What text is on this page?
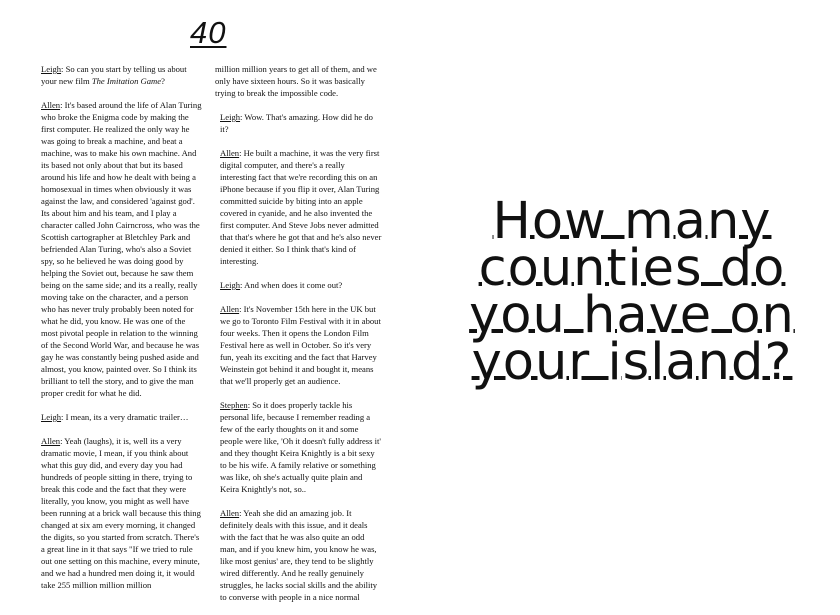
40

Leigh: So can you start by telling us about your new film The Imitation Game?

Allen: It's based around the life of Alan Turing who broke the Enigma code by making the first computer. He realized the only way he was going to break a machine, and beat a machine, was to make his own machine. And its based not only about that but its based around his life and how he dealt with being a homosexual in times when obviously it was against the law, and considered 'against god'. Its about him and his team, and I play a character called John Cairncross, who was the Scottish cartographer at Bletchley Park and befriended Alan Turing, who's also a Soviet spy, so he believed he was doing good by helping the Soviet out, because he saw them being on the same side; and its a really, really moving take on the character, and a person who has never truly probably been noted for what he did, you know. He was one of the most pivotal people in relation to the winning of the Second World War, and because he was gay he was constantly being pushed aside and almost, you know, painted over. So I think its brilliant to tell the story, and to give the man proper credit for what he did.

Leigh: I mean, its a very dramatic trailer…

Allen: Yeah (laughs), it is, well its a very dramatic movie, I mean, if you think about what this guy did, and every day you had hundreds of people sitting in there, trying to break this code and the fact that they were literally, you know, you might as well have been running at a brick wall because this thing changed at six am every morning, it changed the digits, so you started from scratch. There's a great line in it that says "If we tried to rule out one setting on this machine, every minute, and we had a hundred men doing it, it would take 255 million million million

million million years to get all of them, and we only have sixteen hours. So it was basically trying to break the impossible code.

Leigh: Wow. That's amazing. How did he do it?

Allen: He built a machine, it was the very first digital computer, and there's a really interesting fact that we're recording this on an iPhone because if you flip it over, Alan Turing committed suicide by biting into an apple covered in cyanide, and he also invented the first computer. And Steve Jobs never admitted that that's where he got that and he's also never denied it either. So I think that's kind of interesting.

Leigh: And when does it come out?

Allen: It's November 15th here in the UK but we go to Toronto Film Festival with it in about four weeks. Then it opens the London Film Festival here as well in October. So it's very fun, yeah its exciting and the fact that Harvey Weinstein got behind it and bought it, means that we'll properly get an audience.

Stephen: So it does properly tackle his personal life, because I remember reading a few of the early thoughts on it and some people were like, 'Oh it doesn't fully address it' and they thought Keira Knightly is a bit sexy to be his wife. A family relative or something was like, oh she's actually quite plain and Keira Knightly's not, so..

Allen: Yeah she did an amazing job. It definitely deals with this issue, and it deals with the fact that he was also quite an odd man, and if you knew him, you know he was, like most genius' are, they tend to be slightly wired differently. And he really genuinely struggles, he lacks social skills and the ability to converse with people in a nice normal

How many
counties do
you have on
your island?
